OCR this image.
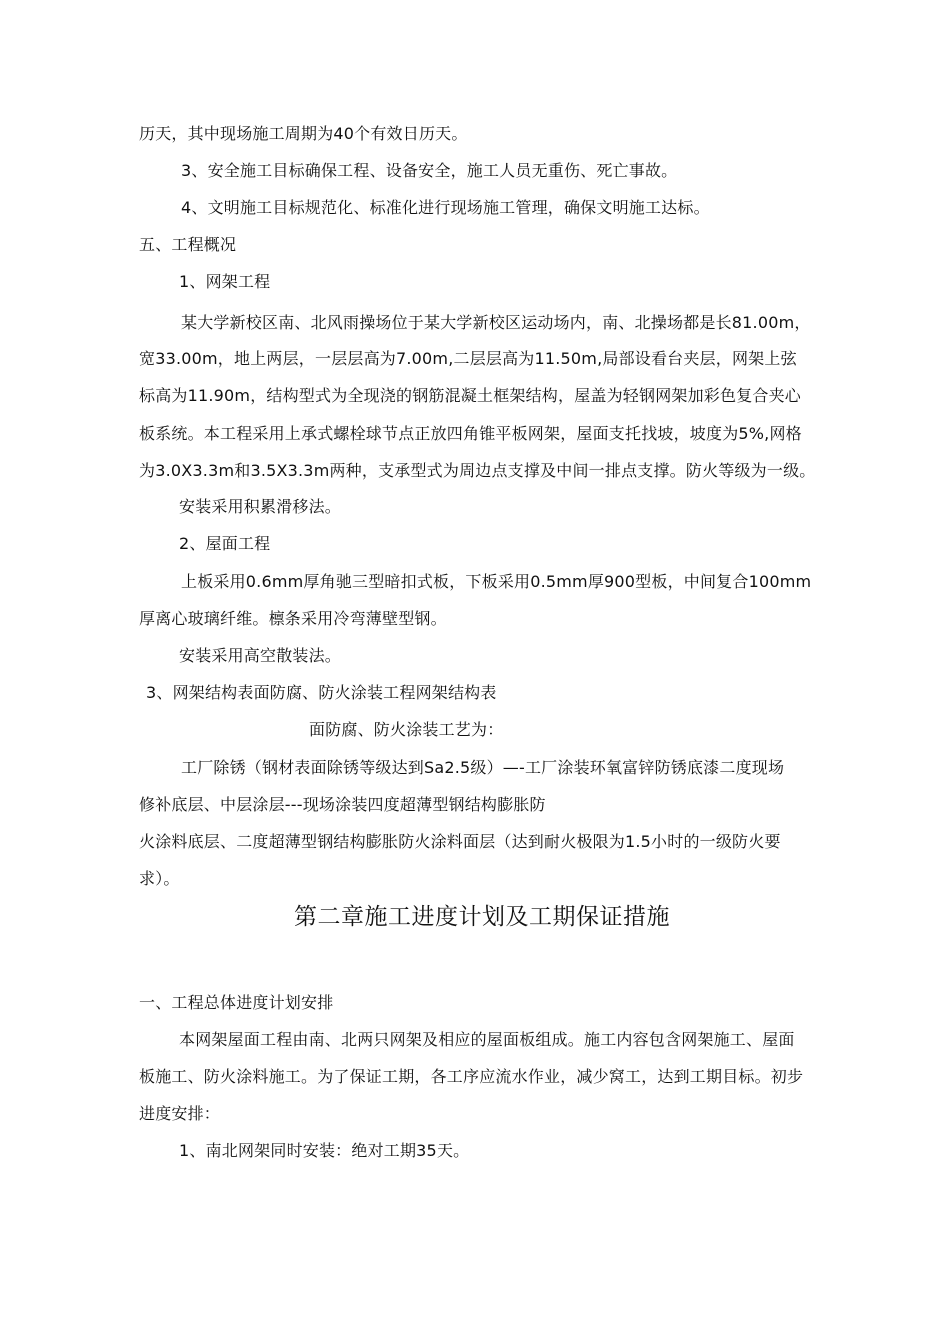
历天，其中现场施工周期为40个有效日历天。
3、安全施工目标确保工程、设备安全，施工人员无重伤、死亡事故。
4、文明施工目标规范化、标准化进行现场施工管理，确保文明施工达标。
五、工程概况
1、网架工程
某大学新校区南、北风雨操场位于某大学新校区运动场内，南、北操场都是长81.00m，
宽33.00m，地上两层，一层层高为7.00m,二层层高为11.50m,局部设看台夹层，网架上弦
标高为11.90m，结构型式为全现浇的钢筋混凝土框架结构，屋盖为轻钢网架加彩色复合夹心
板系统。本工程采用上承式螺栓球节点正放四角锥平板网架，屋面支托找坡，坡度为5%,网格
为3.0X3.3m和3.5X3.3m两种，支承型式为周边点支撑及中间一排点支撑。防火等级为一级。
安装采用积累滑移法。
2、屋面工程
上板采用0.6mm厚角驰三型暗扣式板，下板采用0.5mm厚900型板，中间复合100mm
厚离心玻璃纤维。檩条采用冷弯薄壁型钢。
安装采用高空散装法。
3、网架结构表面防腐、防火涂装工程网架结构表
面防腐、防火涂装工艺为：
工厂除锈（钢材表面除锈等级达到Sa2.5级）—-工厂涂装环氧富锌防锈底漆二度现场
修补底层、中层涂层---现场涂装四度超薄型钢结构膨胀防
火涂料底层、二度超薄型钢结构膨胀防火涂料面层（达到耐火极限为1.5小时的一级防火要
求）。
第二章施工进度计划及工期保证措施
一、工程总体进度计划安排
本网架屋面工程由南、北两只网架及相应的屋面板组成。施工内容包含网架施工、屋面
板施工、防火涂料施工。为了保证工期，各工序应流水作业，减少窝工，达到工期目标。初步
进度安排：
1、南北网架同时安装：绝对工期35天。
